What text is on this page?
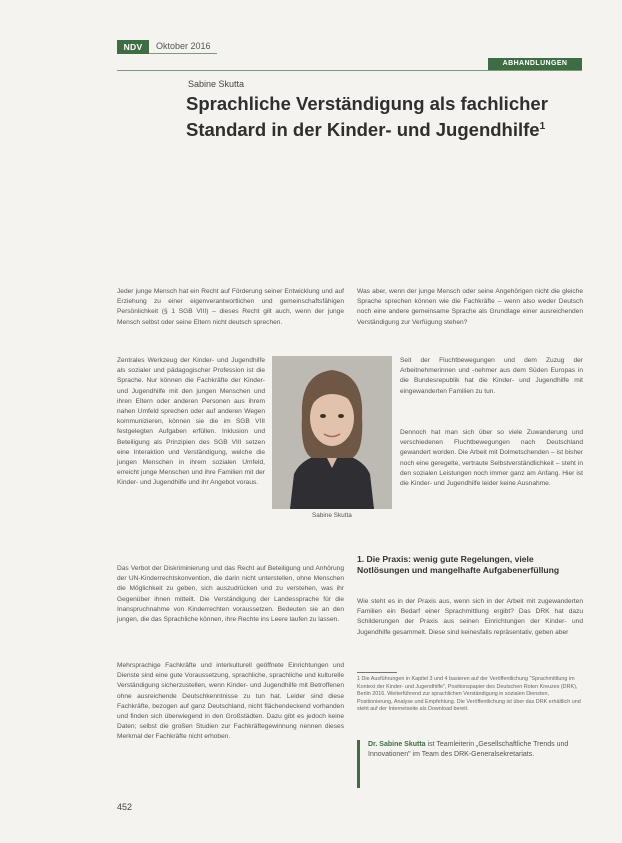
NDV	Oktober 2016
ABHANDLUNGEN
Sabine Skutta
Sprachliche Verständigung als fachlicher Standard in der Kinder- und Jugendhilfe$^1$
Jeder junge Mensch hat ein Recht auf Förderung seiner Entwicklung und auf Erziehung zu einer eigenverantwortlichen und gemeinschaftsfähigen Persönlichkeit (§ 1 SGB VIII) – dieses Recht gilt auch, wenn der junge Mensch selbst oder seine Eltern nicht deutsch sprechen.
Zentrales Werkzeug der Kinder- und Jugendhilfe als sozialer und pädagogischer Profession ist die Sprache. Nur können die Fachkräfte der Kinder- und Jugendhilfe mit den jungen Menschen und ihren Eltern oder anderen Personen aus ihrem nahen Umfeld sprechen oder auf anderen Wegen kommunizieren, können sie die im SGB VIII festgelegten Aufgaben erfüllen. Inklusion und Beteiligung als Prinzipien des SGB VIII setzen eine Interaktion und Verständigung, welche die jungen Menschen in ihrem sozialen Umfeld, erreicht junge Menschen und ihre Familien mit der Kinder- und Jugendhilfe und ihr Angebot voraus.
Das Verbot der Diskriminierung und das Recht auf Beteiligung und Anhörung der UN-Kinderrechtskonvention, die darin nicht unterstellen, ohne Menschen die Möglichkeit zu geben, sich auszudrücken und zu verstehen, was ihr Gegenüber ihnen mitteilt. Die Verständigung der Landessprache für die Inanspruchnahme von Kinderrechten voraussetzen. Bedeuten sie an den jungen, die das Sprachliche können, ihre Rechte ins Leere laufen zu lassen.
Mehrsprachige Fachkräfte und interkulturell geöffnete Einrichtungen und Dienste sind eine gute Voraussetzung, sprachliche, sprachliche und kulturelle Verständigung sicherzustellen, wenn Kinder- und Jugendhilfe mit Betroffenen ohne ausreichende Deutschkenntnisse zu tun hat. Leider sind diese Fachkräfte, bezogen auf ganz Deutschland, nicht flächendeckend vorhanden und finden sich überwiegend in den Großstädten. Dazu gibt es jedoch keine Daten; selbst die großen Studien zur Fachkräftegewinnung nennen dieses Merkmal der Fachkräfte nicht erhoben.
Was aber, wenn der junge Mensch oder seine Angehörigen nicht die gleiche Sprache sprechen können wie die Fachkräfte – wenn also weder Deutsch noch eine andere gemeinsame Sprache als Grundlage einer ausreichenden Verständigung zur Verfügung stehen?
Seit der Fluchtbewegungen und dem Zuzug der Arbeitnehmerinnen und -nehmer aus dem Süden Europas in die Bundesrepublik hat die Kinder- und Jugendhilfe mit eingewanderten Familien zu tun.
Dennoch hat man sich über so viele Zuwanderung und verschiedenen Fluchtbewegungen nach Deutschland gewandert worden. Die Arbeit mit Dolmetschenden – ist bisher noch eine geregelte, vertraute Selbstverständlichkeit – steht in den sozialen Leistungen noch immer ganz am Anfang. Hier ist die Kinder- und Jugendhilfe leider keine Ausnahme.
1. Die Praxis: wenig gute Regelungen, viele Notlösungen und mangelhafte Aufgabenerfüllung
Wie steht es in der Praxis aus, wenn sich in der Arbeit mit zugewanderten Familien ein Bedarf einer Sprachmittlung ergibt? Das DRK hat dazu Schilderungen der Praxis aus seinen Einrichtungen der Kinder- und Jugendhilfe gesammelt. Diese sind keinesfalls repräsentativ, geben aber
Sabine Skutta
1 Die Ausführungen in Kapitel 3 und 4 basieren auf der Veröffentlichung "Sprachmittlung im Kontext der Kinder- und Jugendhilfe", Positionspapier des Deutschen Roten Kreuzes (DRK), Berlin 2016. Weiterführend zur sprachlichen Verständigung in sozialen Diensten, Positionierung, Analyse und Empfehlung. Die Veröffentlichung ist über das DRK erhältlich und steht auf der Internetseite als Download bereit.
Dr. Sabine Skutta ist Teamleiterin „Gesellschaftliche Trends und Innovationen" im Team des DRK-Generalsekretariats.
452
